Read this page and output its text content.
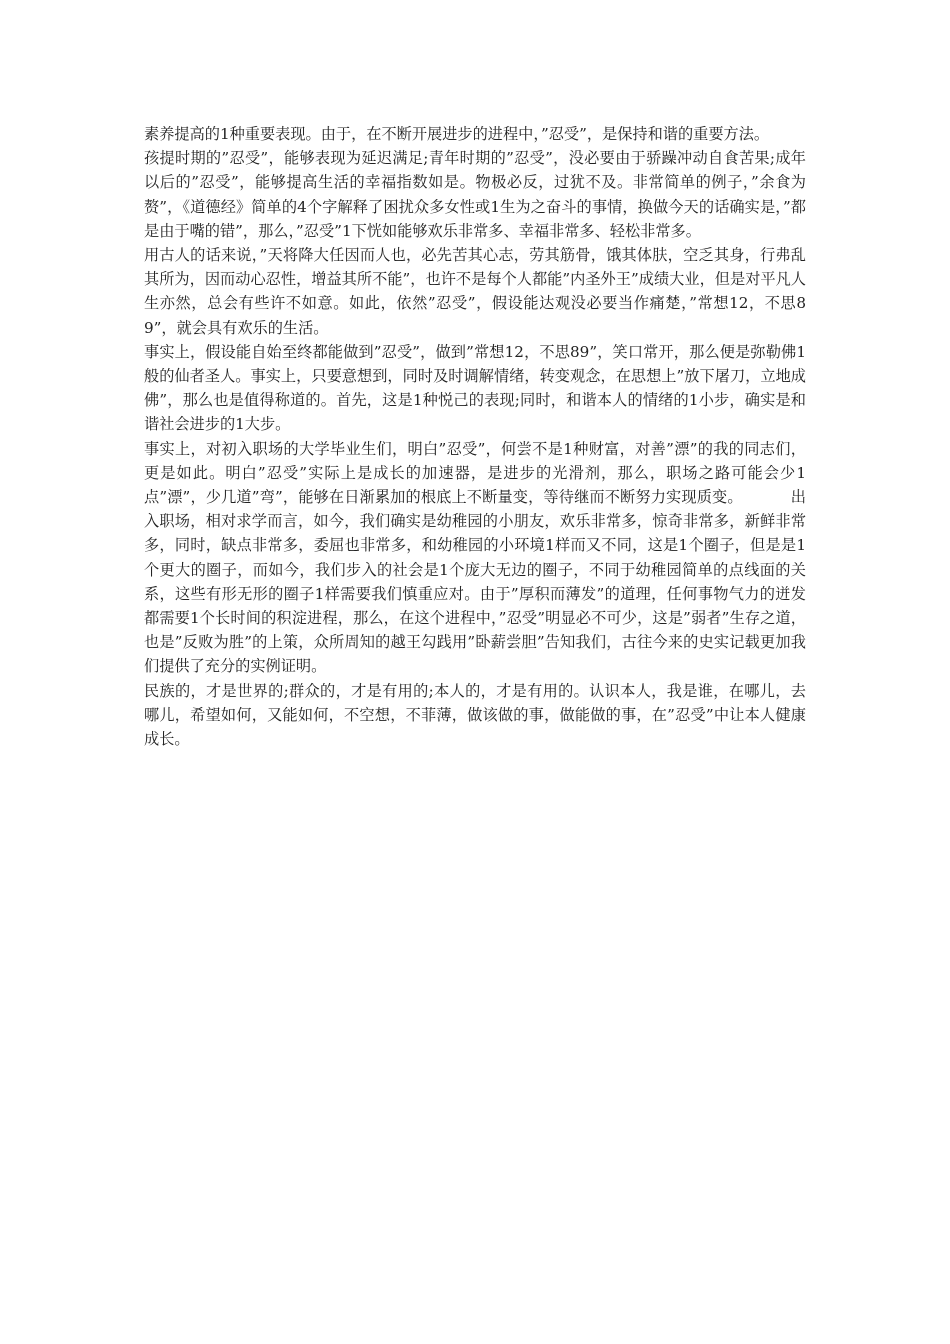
素养提高的1种重要表现。由于，在不断开展进步的进程中，”忍受”，是保持和谐的重要方法。

孩提时期的”忍受”，能够表现为延迟满足;青年时期的”忍受”，没必要由于骄躁冲动自食苦果;成年以后的”忍受”，能够提高生活的幸福指数如是。物极必反，过犹不及。非常简单的例子，”余食为赘”，《道德经》简单的4个字解释了困扰众多女性或1生为之奋斗的事情，换做今天的话确实是，”都是由于嘴的错”，那么，”忍受”1下恍如能够欢乐非常多、幸福非常多、轻松非常多。

用古人的话来说，”天将降大任因而人也，必先苦其心志，劳其筋骨，饿其体肤，空乏其身，行弗乱其所为，因而动心忍性，增益其所不能”，也许不是每个人都能”内圣外王”成绩大业，但是对平凡人生亦然，总会有些许不如意。如此，依然”忍受”，假设能达观没必要当作痛楚，”常想12，不思89”，就会具有欢乐的生活。

事实上，假设能自始至终都能做到”忍受”，做到”常想12，不思89”，笑口常开，那么便是弥勒佛1般的仙者圣人。事实上，只要意想到，同时及时调解情绪，转变观念，在思想上”放下屠刀，立地成佛”，那么也是值得称道的。首先，这是1种悦己的表现;同时，和谐本人的情绪的1小步，确实是和谐社会进步的1大步。

事实上，对初入职场的大学毕业生们，明白”忍受”，何尝不是1种财富，对善”漂”的我的同志们，更是如此。明白”忍受”实际上是成长的加速器，是进步的光滑剂，那么，职场之路可能会少1点”漂”，少几道”弯”，能够在日渐累加的根底上不断量变，等待继而不断努力实现质变。	出入职场，相对求学而言，如今，我们确实是幼稚园的小朋友，欢乐非常多，惊奇非常多，新鲜非常多，同时，缺点非常多，委屈也非常多，和幼稚园的小环境1样而又不同，这是1个圈子，但是是1个更大的圈子，而如今，我们步入的社会是1个庞大无边的圈子，不同于幼稚园简单的点线面的关系，这些有形无形的圈子1样需要我们慎重应对。由于”厚积而薄发”的道理，任何事物气力的迸发都需要1个长时间的积淀进程，那么，在这个进程中，”忍受”明显必不可少，这是”弱者”生存之道，也是”反败为胜”的上策，众所周知的越王勾践用”卧薪尝胆”告知我们，古往今来的史实记载更加我们提供了充分的实例证明。

民族的，才是世界的;群众的，才是有用的;本人的，才是有用的。认识本人，我是谁，在哪儿，去哪儿，希望如何，又能如何，不空想，不菲薄，做该做的事，做能做的事，在”忍受”中让本人健康成长。
